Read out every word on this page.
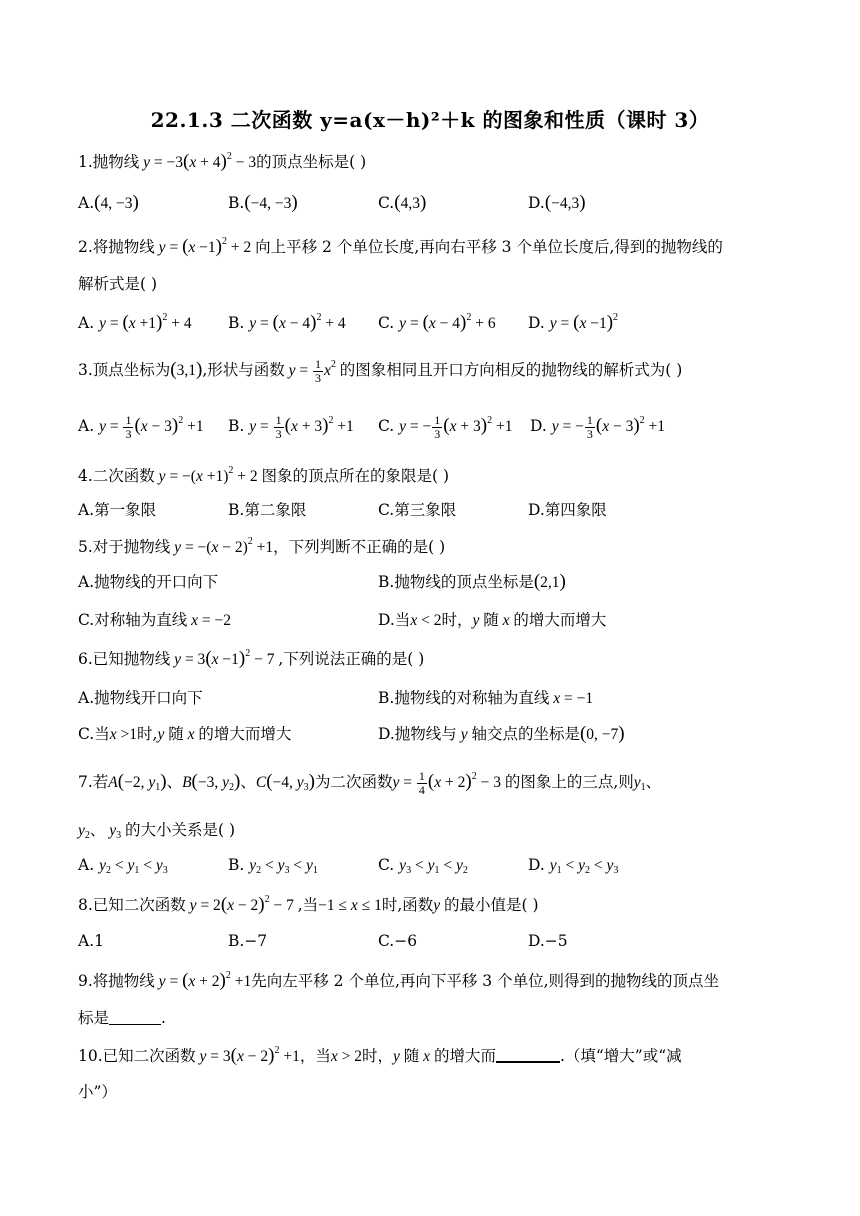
22.1.3 二次函数 y=a(x－h)²＋k 的图象和性质（课时 3）
1.抛物线 $y = -3(x + 4)^2 - 3$的顶点坐标是( )
A.(4, −3)	B.(−4, −3)	C.(4,3)	D.(−4,3)
2.将抛物线 $y = (x -1)^2 + 2$ 向上平移 2 个单位长度,再向右平移 3 个单位长度后,得到的抛物线的
解析式是( )
A. $y = (x +1)^2 + 4$ B. $y = (x - 4)^2 + 4$ C. $y = (x - 4)^2 + 6$ D. $y = (x -1)^2$
3.顶点坐标为(3,1),形状与函数 $y = \frac{1}{3} x^2$ 的图象相同且开口方向相反的抛物线的解析式为( )
A. $y = \frac{1}{3} (x - 3)^2 +1$ B. $y = \frac{1}{3} (x + 3)^2 +1$ C. y = − $\frac{1}{3} (x + 3)^2 +1$ D. y = − $\frac{1}{3} (x - 3)^2 +1$
4.二次函数 $y = -(x +1)^2 + 2$ 图象的顶点所在的象限是( )
A.第一象限	B.第二象限	C.第三象限	D.第四象限
5.对于抛物线 $y = -(x - 2)^2 +1$，下列判断不正确的是( )
A.抛物线的开口向下	B.抛物线的顶点坐标是(2,1)
C.对称轴为直线 x = −2	D.当x < 2时，y 随 x 的增大而增大
6.已知抛物线 $y = 3(x -1)^2 - 7$ ,下列说法正确的是( )
A.抛物线开口向下	B.抛物线的对称轴为直线 x = −1
C.当x >1时,y 随 x 的增大而增大	D.抛物线与 y 轴交点的坐标是(0, −7)
7.若A(−2, $y_1$)、B(−3, $y_2$)、C(−4, $y_3$)为二次函数$y = \frac{1}{4} (x + 2)^2 - 3$ 的图象上的三点,则$y_1$、
$y_2$、 $y_3$ 的大小关系是( )
A. $y_2 < y_1 < y_3$	B. $y_2 < y_3 < y_1$	C. $y_3 < y_1 < y_2$	D. $y_1 < y_2 < y_3$
8.已知二次函数 $y = 2(x - 2)^2 - 7$ ,当−1 ≤ x ≤ 1时,函数y 的最小值是( )
A.1	B.−7	C.−6	D.−5
9.将抛物线 $y = (x + 2)^2 +1$先向左平移 2 个单位,再向下平移 3 个单位,则得到的抛物线的顶点坐
标是	.
10.已知二次函数 $y = 3(x - 2)^2 +1$，当x > 2时，y 随 x 的增大而	.（填“增大”或“减
小”）
